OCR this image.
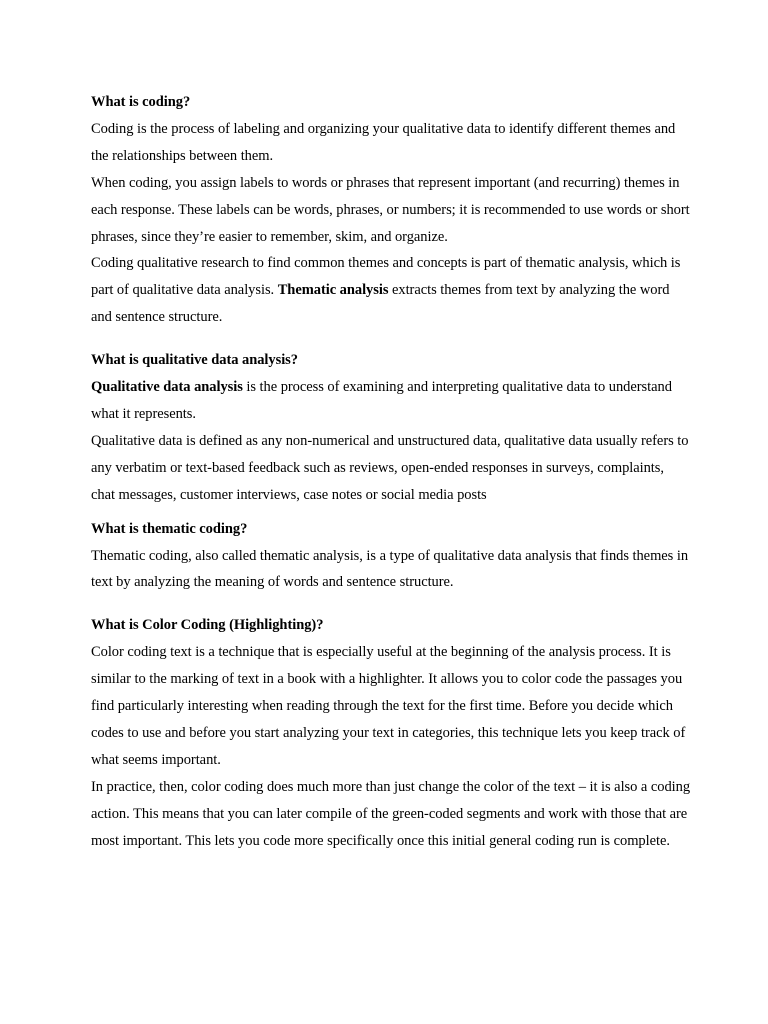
What is coding?

Coding is the process of labeling and organizing your qualitative data to identify different themes and the relationships between them.

When coding, you assign labels to words or phrases that represent important (and recurring) themes in each response. These labels can be words, phrases, or numbers; it is recommended to use words or short phrases, since they’re easier to remember, skim, and organize.

Coding qualitative research to find common themes and concepts is part of thematic analysis, which is part of qualitative data analysis. Thematic analysis extracts themes from text by analyzing the word and sentence structure.

What is qualitative data analysis?

Qualitative data analysis is the process of examining and interpreting qualitative data to understand what it represents.

Qualitative data is defined as any non-numerical and unstructured data, qualitative data usually refers to any verbatim or text-based feedback such as reviews, open-ended responses in surveys, complaints, chat messages, customer interviews, case notes or social media posts

What is thematic coding?

Thematic coding, also called thematic analysis, is a type of qualitative data analysis that finds themes in text by analyzing the meaning of words and sentence structure.

What is Color Coding (Highlighting)?

Color coding text is a technique that is especially useful at the beginning of the analysis process. It is similar to the marking of text in a book with a highlighter. It allows you to color code the passages you find particularly interesting when reading through the text for the first time. Before you decide which codes to use and before you start analyzing your text in categories, this technique lets you keep track of what seems important.

In practice, then, color coding does much more than just change the color of the text – it is also a coding action. This means that you can later compile of the green-coded segments and work with those that are most important. This lets you code more specifically once this initial general coding run is complete.
